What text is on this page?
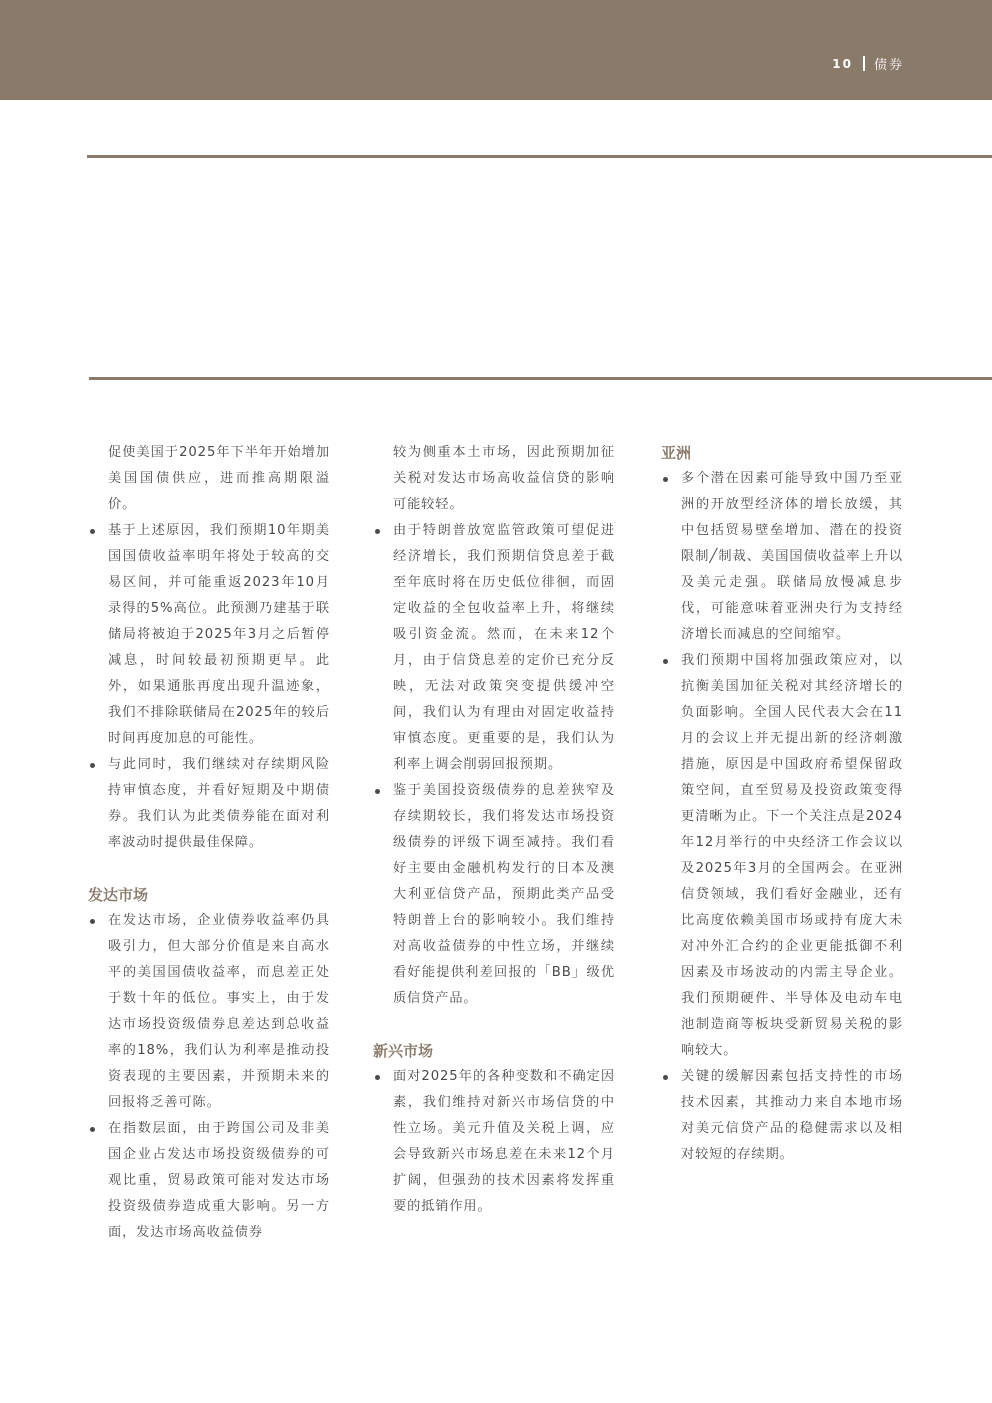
10 债券

促使美国于2025年下半年开始增加美国国债供应，进而推高期限溢价。

基于上述原因，我们预期10年期美国国债收益率明年将处于较高的交易区间，并可能重返2023年10月录得的5%高位。此预测乃建基于联储局将被迫于2025年3月之后暂停减息，时间较最初预期更早。此外，如果通胀再度出现升温迹象，我们不排除联储局在2025年的较后时间再度加息的可能性。

与此同时，我们继续对存续期风险持审慎态度，并看好短期及中期债券。我们认为此类债券能在面对利率波动时提供最佳保障。

发达市场

在发达市场，企业债券收益率仍具吸引力，但大部分价值是来自高水平的美国国债收益率，而息差正处于数十年的低位。事实上，由于发达市场投资级债券息差达到总收益率的18%，我们认为利率是推动投资表现的主要因素，并预期未来的回报将乏善可陈。

在指数层面，由于跨国公司及非美国企业占发达市场投资级债券的可观比重，贸易政策可能对发达市场投资级债券造成重大影响。另一方面，发达市场高收益债券

较为侧重本土市场，因此预期加征关税对发达市场高收益信贷的影响可能较轻。

由于特朗普放宽监管政策可望促进经济增长，我们预期信贷息差于截至年底时将在历史低位徘徊，而固定收益的全包收益率上升，将继续吸引资金流。然而，在未来12个月，由于信贷息差的定价已充分反映，无法对政策突变提供缓冲空间，我们认为有理由对固定收益持审慎态度。更重要的是，我们认为利率上调会削弱回报预期。

鉴于美国投资级债券的息差狭窄及存续期较长，我们将发达市场投资级债券的评级下调至减持。我们看好主要由金融机构发行的日本及澳大利亚信贷产品，预期此类产品受特朗普上台的影响较小。我们维持对高收益债券的中性立场，并继续看好能提供利差回报的「BB」级优质信贷产品。

新兴市场

面对2025年的各种变数和不确定因素，我们维持对新兴市场信贷的中性立场。美元升值及关税上调，应会导致新兴市场息差在未来12个月扩阔，但强劲的技术因素将发挥重要的抵销作用。

亚洲

多个潜在因素可能导致中国乃至亚洲的开放型经济体的增长放缓，其中包括贸易壁垒增加、潜在的投资限制╱制裁、美国国债收益率上升以及美元走强。联储局放慢减息步伐，可能意味着亚洲央行为支持经济增长而减息的空间缩窄。

我们预期中国将加强政策应对，以抗衡美国加征关税对其经济增长的负面影响。全国人民代表大会在11月的会议上并无提出新的经济刺激措施，原因是中国政府希望保留政策空间，直至贸易及投资政策变得更清晰为止。下一个关注点是2024年12月举行的中央经济工作会议以及2025年3月的全国两会。在亚洲信贷领域，我们看好金融业，还有比高度依赖美国市场或持有庞大未对冲外汇合约的企业更能抵御不利因素及市场波动的内需主导企业。我们预期硬件、半导体及电动车电池制造商等板块受新贸易关税的影响较大。

关键的缓解因素包括支持性的市场技术因素，其推动力来自本地市场对美元信贷产品的稳健需求以及相对较短的存续期。
